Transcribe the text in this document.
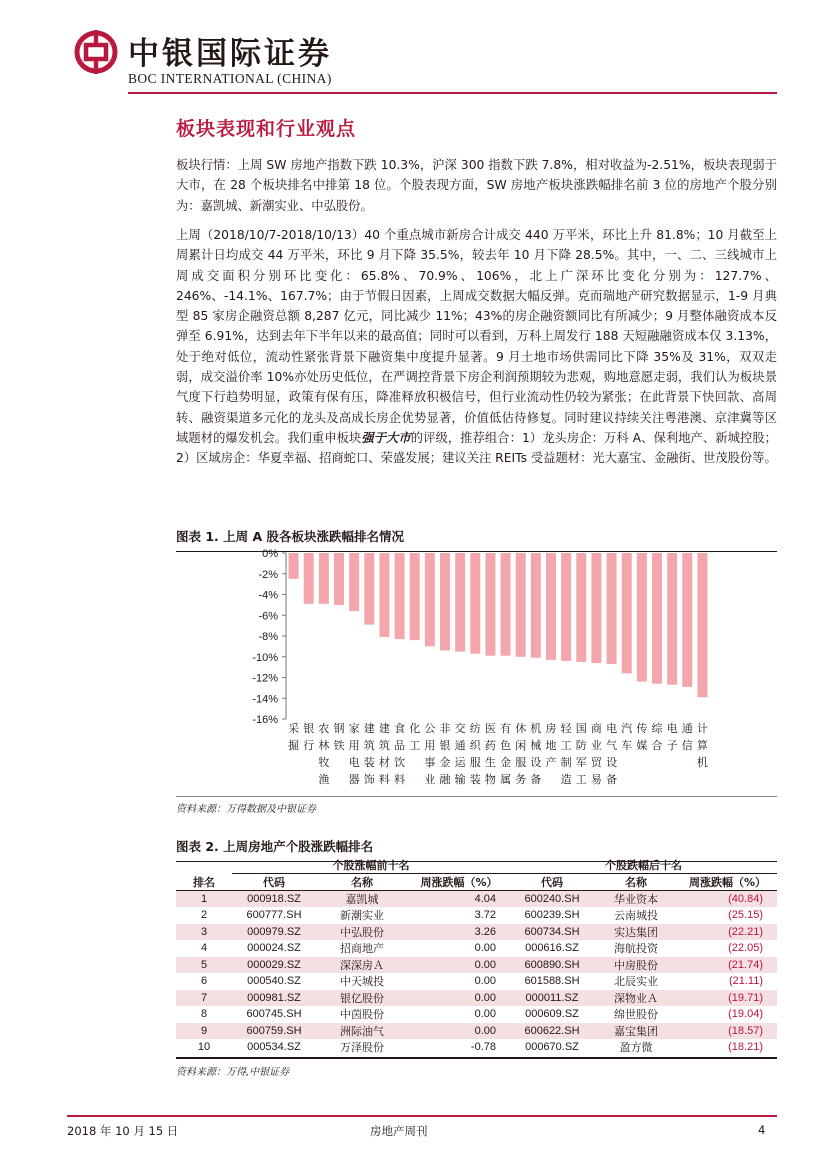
中银国际证券
BOC INTERNATIONAL (CHINA)
板块表现和行业观点

板块行情：上周 SW 房地产指数下跌 10.3%，沪深 300 指数下跌 7.8%，相对收益为-2.51%，板块表现弱于大市，在 28 个板块排名中排第 18 位。个股表现方面，SW 房地产板块涨跌幅排名前 3 位的房地产个股分别为：嘉凯城、新潮实业、中弘股份。

上周（2018/10/7-2018/10/13）40 个重点城市新房合计成交 440 万平米，环比上升 81.8%；10 月截至上周累计日均成交 44 万平米，环比 9 月下降 35.5%，较去年 10 月下降 28.5%。其中，一、二、三线城市上周成交面积分别环比变化：65.8%、70.9%、106%，北上广深环比变化分别为：127.7%、246%、-14.1%、167.7%；由于节假日因素，上周成交数据大幅反弹。克而瑞地产研究数据显示，1-9 月典型 85 家房企融资总额 8,287 亿元，同比减少 11%；43%的房企融资额同比有所减少；9 月整体融资成本反弹至 6.91%，达到去年下半年以来的最高值；同时可以看到，万科上周发行 188 天短融融资成本仅 3.13%，处于绝对低位，流动性紧张背景下融资集中度提升显著。9 月土地市场供需同比下降 35%及 31%，双双走弱，成交溢价率 10%亦处历史低位，在严调控背景下房企利润预期较为悲观，购地意愿走弱，我们认为板块景气度下行趋势明显，政策有保有压，降准释放积极信号，但行业流动性仍较为紧张；在此背景下快回款、高周转、融资渠道多元化的龙头及高成长房企优势显著，价值低估待修复。同时建议持续关注粤港澳、京津冀等区域题材的爆发机会。我们重申板块强于大市的评级，推荐组合：1）龙头房企：万科 A、保利地产、新城控股；2）区域房企：华夏幸福、招商蛇口、荣盛发展；建议关注 REITs 受益题材：光大嘉宝、金融街、世茂股份等。

图表 1. 上周 A 股各板块涨跌幅排名情况
0%
-2%
-4%
-6%
-8%
-10%
-12%
-14%
-16%
采掘
银行
农林牧渔
钢铁
家用电器
建筑装饰
建筑材料
食品饮料
化工
公用事业
非银金融
交通运输
纺织服装
医药生物
有色金属
休闲服务
机械设备
房地产
轻工制造
国防军工
商业贸易
电气设备
汽车
传媒
综合
电子
通信
计算机
资料来源：万得数据及中银证券
图表 2. 上周房地产个股涨跌幅排名
	个股涨幅前十名			个股跌幅后十名		
排名	代码	名称	周涨跌幅（%）	代码	名称	周涨跌幅（%）
1	000918.SZ	嘉凯城	4.04	600240.SH	华业资本	(40.84)
2	600777.SH	新潮实业	3.72	600239.SH	云南城投	(25.15)
3	000979.SZ	中弘股份	3.26	600734.SH	实达集团	(22.21)
4	000024.SZ	招商地产	0.00	000616.SZ	海航投资	(22.05)
5	000029.SZ	深深房Ａ	0.00	600890.SH	中房股份	(21.74)
6	000540.SZ	中天城投	0.00	601588.SH	北辰实业	(21.11)
7	000981.SZ	银亿股份	0.00	000011.SZ	深物业Ａ	(19.71)
8	600745.SH	中茵股份	0.00	000609.SZ	绵世股份	(19.04)
9	600759.SH	洲际油气	0.00	600622.SH	嘉宝集团	(18.57)
10	000534.SZ	万泽股份	-0.78	000670.SZ	盈方微	(18.21)
资料来源：万得,中银证券
2018 年 10 月 15 日	房地产周刊	4
